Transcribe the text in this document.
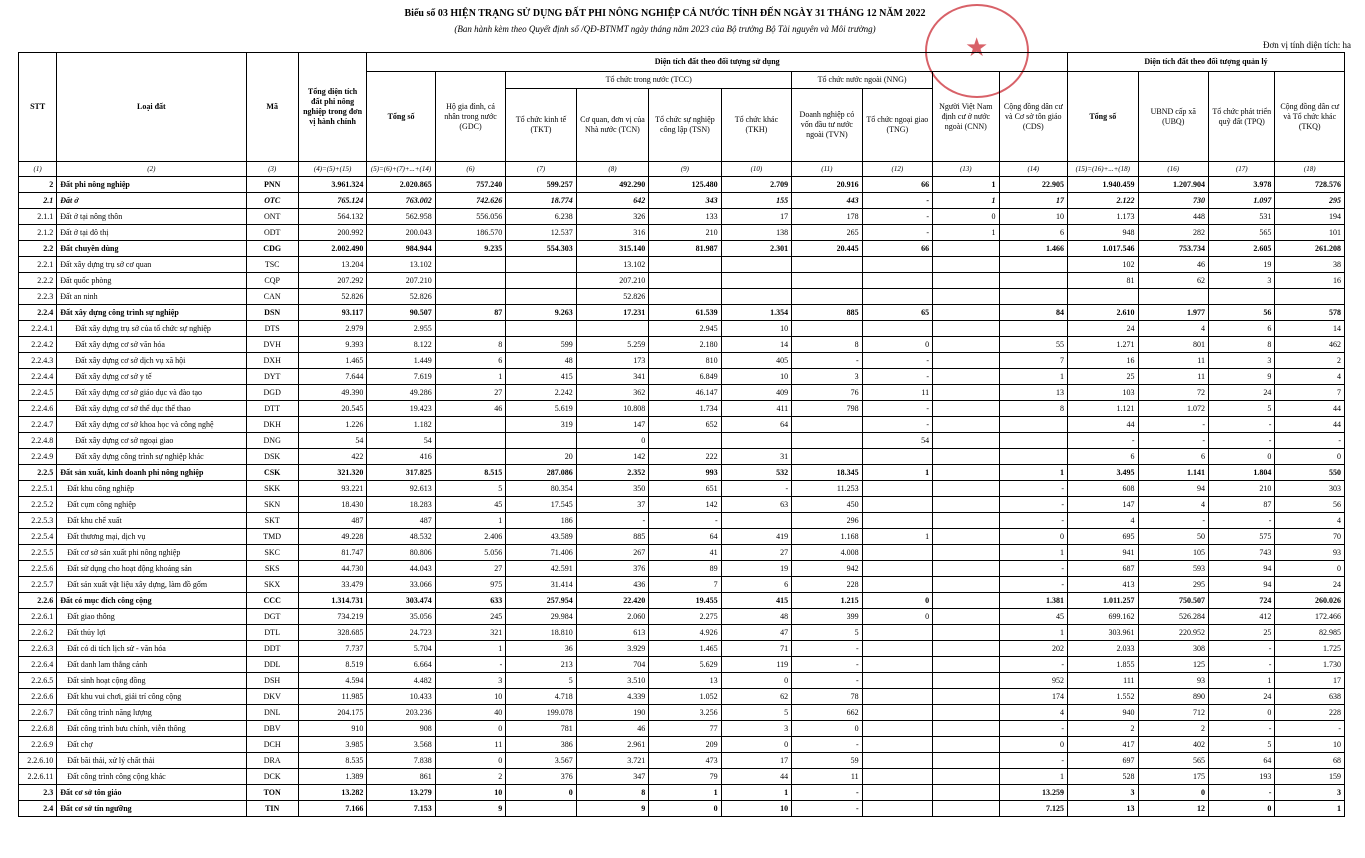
Biểu số 03 HIỆN TRẠNG SỬ DỤNG ĐẤT PHI NÔNG NGHIỆP CẢ NƯỚC TÍNH ĐẾN NGÀY 31 THÁNG 12 NĂM 2022
(Ban hành kèm theo Quyết định số /QĐ-BTNMT ngày tháng năm 2023 của Bộ trưởng Bộ Tài nguyên và Môi trường)
Đơn vị tính diện tích: ha
★
STT	Loại đất	Mã	Tổng diện tích đất phi nông nghiệp trong đơn vị hành chính	Diện tích đất theo đối tượng sử dụng										Diện tích đất theo đối tượng quản lý			
				Tổng số	Hộ gia đình, cá nhân trong nước (GDC)	Tổ chức trong nước (TCC)				Tổ chức nước ngoài (NNG)		Người Việt Nam định cư ở nước ngoài (CNN)	Cộng đồng dân cư và Cơ sở tôn giáo (CDS)	Tổng số	UBND cấp xã (UBQ)	Tổ chức phát triển quỹ đất (TPQ)	Cộng đồng dân cư và Tổ chức khác (TKQ)
						Tổ chức kinh tế (TKT)	Cơ quan, đơn vị của Nhà nước (TCN)	Tổ chức sự nghiệp công lập (TSN)	Tổ chức khác (TKH)	Doanh nghiệp có vốn đầu tư nước ngoài (TVN)	Tổ chức ngoại giao (TNG)						
(1)	(2)	(3)	(4)=(5)+(15)	(5)=(6)+(7)+...+(14)	(6)	(7)	(8)	(9)	(10)	(11)	(12)	(13)	(14)	(15)=(16)+...+(18)	(16)	(17)	(18)
2	Đất phi nông nghiệp	PNN	3.961.324	2.020.865	757.240	599.257	492.290	125.480	2.709	20.916	66	1	22.905	1.940.459	1.207.904	3.978	728.576
2.1	Đất ở	OTC	765.124	763.002	742.626	18.774	642	343	155	443	-	1	17	2.122	730	1.097	295
2.1.1	Đất ở tại nông thôn	ONT	564.132	562.958	556.056	6.238	326	133	17	178	-	0	10	1.173	448	531	194
2.1.2	Đất ở tại đô thị	ODT	200.992	200.043	186.570	12.537	316	210	138	265	-	1	6	948	282	565	101
2.2	Đất chuyên dùng	CDG	2.002.490	984.944	9.235	554.303	315.140	81.987	2.301	20.445	66		1.466	1.017.546	753.734	2.605	261.208
2.2.1	Đất xây dựng trụ sở cơ quan	TSC	13.204	13.102			13.102							102	46	19	38
2.2.2	Đất quốc phòng	CQP	207.292	207.210			207.210							81	62	3	16
2.2.3	Đất an ninh	CAN	52.826	52.826			52.826										
2.2.4	Đất xây dựng công trình sự nghiệp	DSN	93.117	90.507	87	9.263	17.231	61.539	1.354	885	65		84	2.610	1.977	56	578
2.2.4.1	Đất xây dựng trụ sở của tổ chức sự nghiệp	DTS	2.979	2.955				2.945	10					24	4	6	14
2.2.4.2	Đất xây dựng cơ sở văn hóa	DVH	9.393	8.122	8	599	5.259	2.180	14	8	0		55	1.271	801	8	462
2.2.4.3	Đất xây dựng cơ sở dịch vụ xã hội	DXH	1.465	1.449	6	48	173	810	405	-	-		7	16	11	3	2
2.2.4.4	Đất xây dựng cơ sở y tế	DYT	7.644	7.619	1	415	341	6.849	10	3	-		1	25	11	9	4
2.2.4.5	Đất xây dựng cơ sở giáo dục và đào tạo	DGD	49.390	49.286	27	2.242	362	46.147	409	76	11		13	103	72	24	7
2.2.4.6	Đất xây dựng cơ sở thể dục thể thao	DTT	20.545	19.423	46	5.619	10.808	1.734	411	798	-		8	1.121	1.072	5	44
2.2.4.7	Đất xây dựng cơ sở khoa học và công nghệ	DKH	1.226	1.182		319	147	652	64		-			44	-	-	44
2.2.4.8	Đất xây dựng cơ sở ngoại giao	DNG	54	54			0				54			-	-	-	-
2.2.4.9	Đất xây dựng công trình sự nghiệp khác	DSK	422	416		20	142	222	31					6	6	0	0
2.2.5	Đất sản xuất, kinh doanh phi nông nghiệp	CSK	321.320	317.825	8.515	287.086	2.352	993	532	18.345	1		1	3.495	1.141	1.804	550
2.2.5.1	Đất khu công nghiệp	SKK	93.221	92.613	5	80.354	350	651	-	11.253			-	608	94	210	303
2.2.5.2	Đất cụm công nghiệp	SKN	18.430	18.283	45	17.545	37	142	63	450			-	147	4	87	56
2.2.5.3	Đất khu chế xuất	SKT	487	487	1	186	-	-		296			-	4	-	-	4
2.2.5.4	Đất thương mại, dịch vụ	TMD	49.228	48.532	2.406	43.589	885	64	419	1.168	1		0	695	50	575	70
2.2.5.5	Đất cơ sở sản xuất phi nông nghiệp	SKC	81.747	80.806	5.056	71.406	267	41	27	4.008			1	941	105	743	93
2.2.5.6	Đất sử dụng cho hoạt động khoáng sản	SKS	44.730	44.043	27	42.591	376	89	19	942			-	687	593	94	0
2.2.5.7	Đất sản xuất vật liệu xây dựng, làm đồ gốm	SKX	33.479	33.066	975	31.414	436	7	6	228			-	413	295	94	24
2.2.6	Đất có mục đích công cộng	CCC	1.314.731	303.474	633	257.954	22.420	19.455	415	1.215	0		1.381	1.011.257	750.507	724	260.026
2.2.6.1	Đất giao thông	DGT	734.219	35.056	245	29.984	2.060	2.275	48	399	0		45	699.162	526.284	412	172.466
2.2.6.2	Đất thủy lợi	DTL	328.685	24.723	321	18.810	613	4.926	47	5			1	303.961	220.952	25	82.985
2.2.6.3	Đất có di tích lịch sử - văn hóa	DDT	7.737	5.704	1	36	3.929	1.465	71	-			202	2.033	308	-	1.725
2.2.6.4	Đất danh lam thắng cảnh	DDL	8.519	6.664	-	213	704	5.629	119	-			-	1.855	125	-	1.730
2.2.6.5	Đất sinh hoạt cộng đồng	DSH	4.594	4.482	3	5	3.510	13	0	-			952	111	93	1	17
2.2.6.6	Đất khu vui chơi, giải trí công cộng	DKV	11.985	10.433	10	4.718	4.339	1.052	62	78			174	1.552	890	24	638
2.2.6.7	Đất công trình năng lượng	DNL	204.175	203.236	40	199.078	190	3.256	5	662			4	940	712	0	228
2.2.6.8	Đất công trình bưu chính, viễn thông	DBV	910	908	0	781	46	77	3	0			-	2	2	-	-
2.2.6.9	Đất chợ	DCH	3.985	3.568	11	386	2.961	209	0	-			0	417	402	5	10
2.2.6.10	Đất bãi thải, xử lý chất thải	DRA	8.535	7.838	0	3.567	3.721	473	17	59			-	697	565	64	68
2.2.6.11	Đất công trình công cộng khác	DCK	1.389	861	2	376	347	79	44	11			1	528	175	193	159
2.3	Đất cơ sở tôn giáo	TON	13.282	13.279	10	0	8	1	1	-			13.259	3	0	-	3
2.4	Đất cơ sở tín ngưỡng	TIN	7.166	7.153	9		9	0	10	-			7.125	13	12	0	1
